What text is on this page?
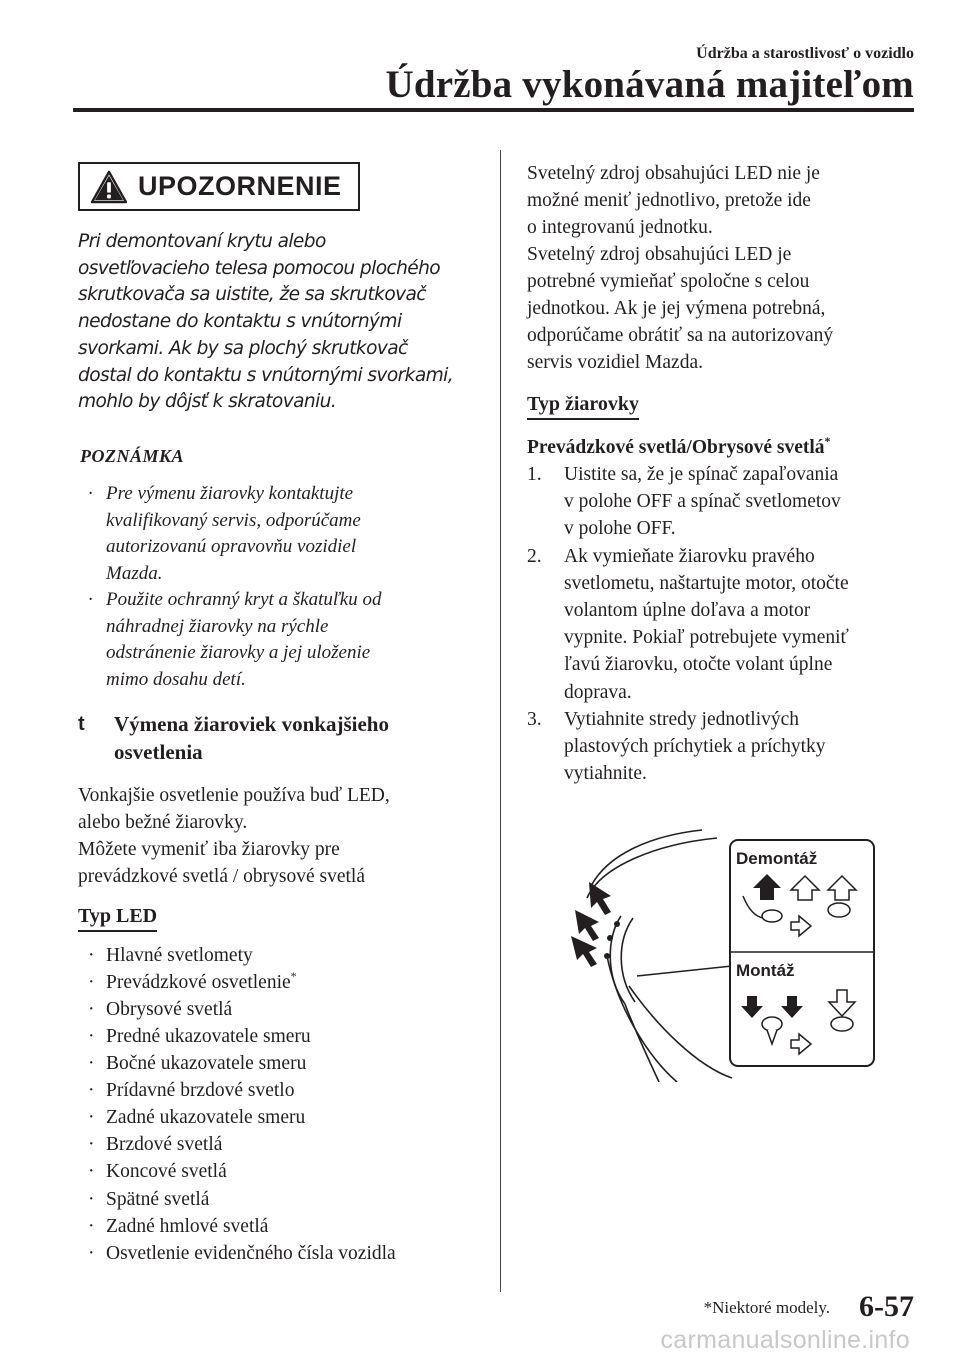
Údržba a starostlivosť o vozidlo
Údržba vykonávaná majiteľom
UPOZORNENIE
Pri demontovaní krytu alebo
osvetľovacieho telesa pomocou plochého
skrutkovača sa uistite, že sa skrutkovač
nedostane do kontaktu s vnútornými
svorkami. Ak by sa plochý skrutkovač
dostal do kontaktu s vnútornými svorkami,
mohlo by dôjsť k skratovaniu.
POZNÁMKA
· Pre výmenu žiarovky kontaktujte
kvalifikovaný servis, odporúčame
autorizovanú opravovňu vozidiel
Mazda.
· Použite ochranný kryt a škatuľku od
náhradnej žiarovky na rýchle
odstránenie žiarovky a jej uloženie
mimo dosahu detí.
t Výmena žiaroviek vonkajšieho
osvetlenia
Vonkajšie osvetlenie používa buď LED,
alebo bežné žiarovky.
Môžete vymeniť iba žiarovky pre
prevádzkové svetlá / obrysové svetlá
Typ LED
· Hlavné svetlomety
· Prevádzkové osvetlenie*
· Obrysové svetlá
· Predné ukazovatele smeru
· Bočné ukazovatele smeru
· Prídavné brzdové svetlo
· Zadné ukazovatele smeru
· Brzdové svetlá
· Koncové svetlá
· Spätné svetlá
· Zadné hmlové svetlá
· Osvetlenie evidenčného čísla vozidla
Svetelný zdroj obsahujúci LED nie je
možné meniť jednotlivo, pretože ide
o integrovanú jednotku.
Svetelný zdroj obsahujúci LED je
potrebné vymieňať spoločne s celou
jednotkou. Ak je jej výmena potrebná,
odporúčame obrátiť sa na autorizovaný
servis vozidiel Mazda.
Typ žiarovky
Prevádzkové svetlá/Obrysové svetlá*
1. Uistite sa, že je spínač zapaľovania
v polohe OFF a spínač svetlometov
v polohe OFF.
2. Ak vymieňate žiarovku pravého
svetlometu, naštartujte motor, otočte
volantom úplne doľava a motor
vypnite. Pokiaľ potrebujete vymeniť
ľavú žiarovku, otočte volant úplne
doprava.
3. Vytiahnite stredy jednotlivých
plastových príchytiek a príchytky
vytiahnite.
Demontáž
Montáž
*Niektoré modely. 6-57
carmanualsonline.info
